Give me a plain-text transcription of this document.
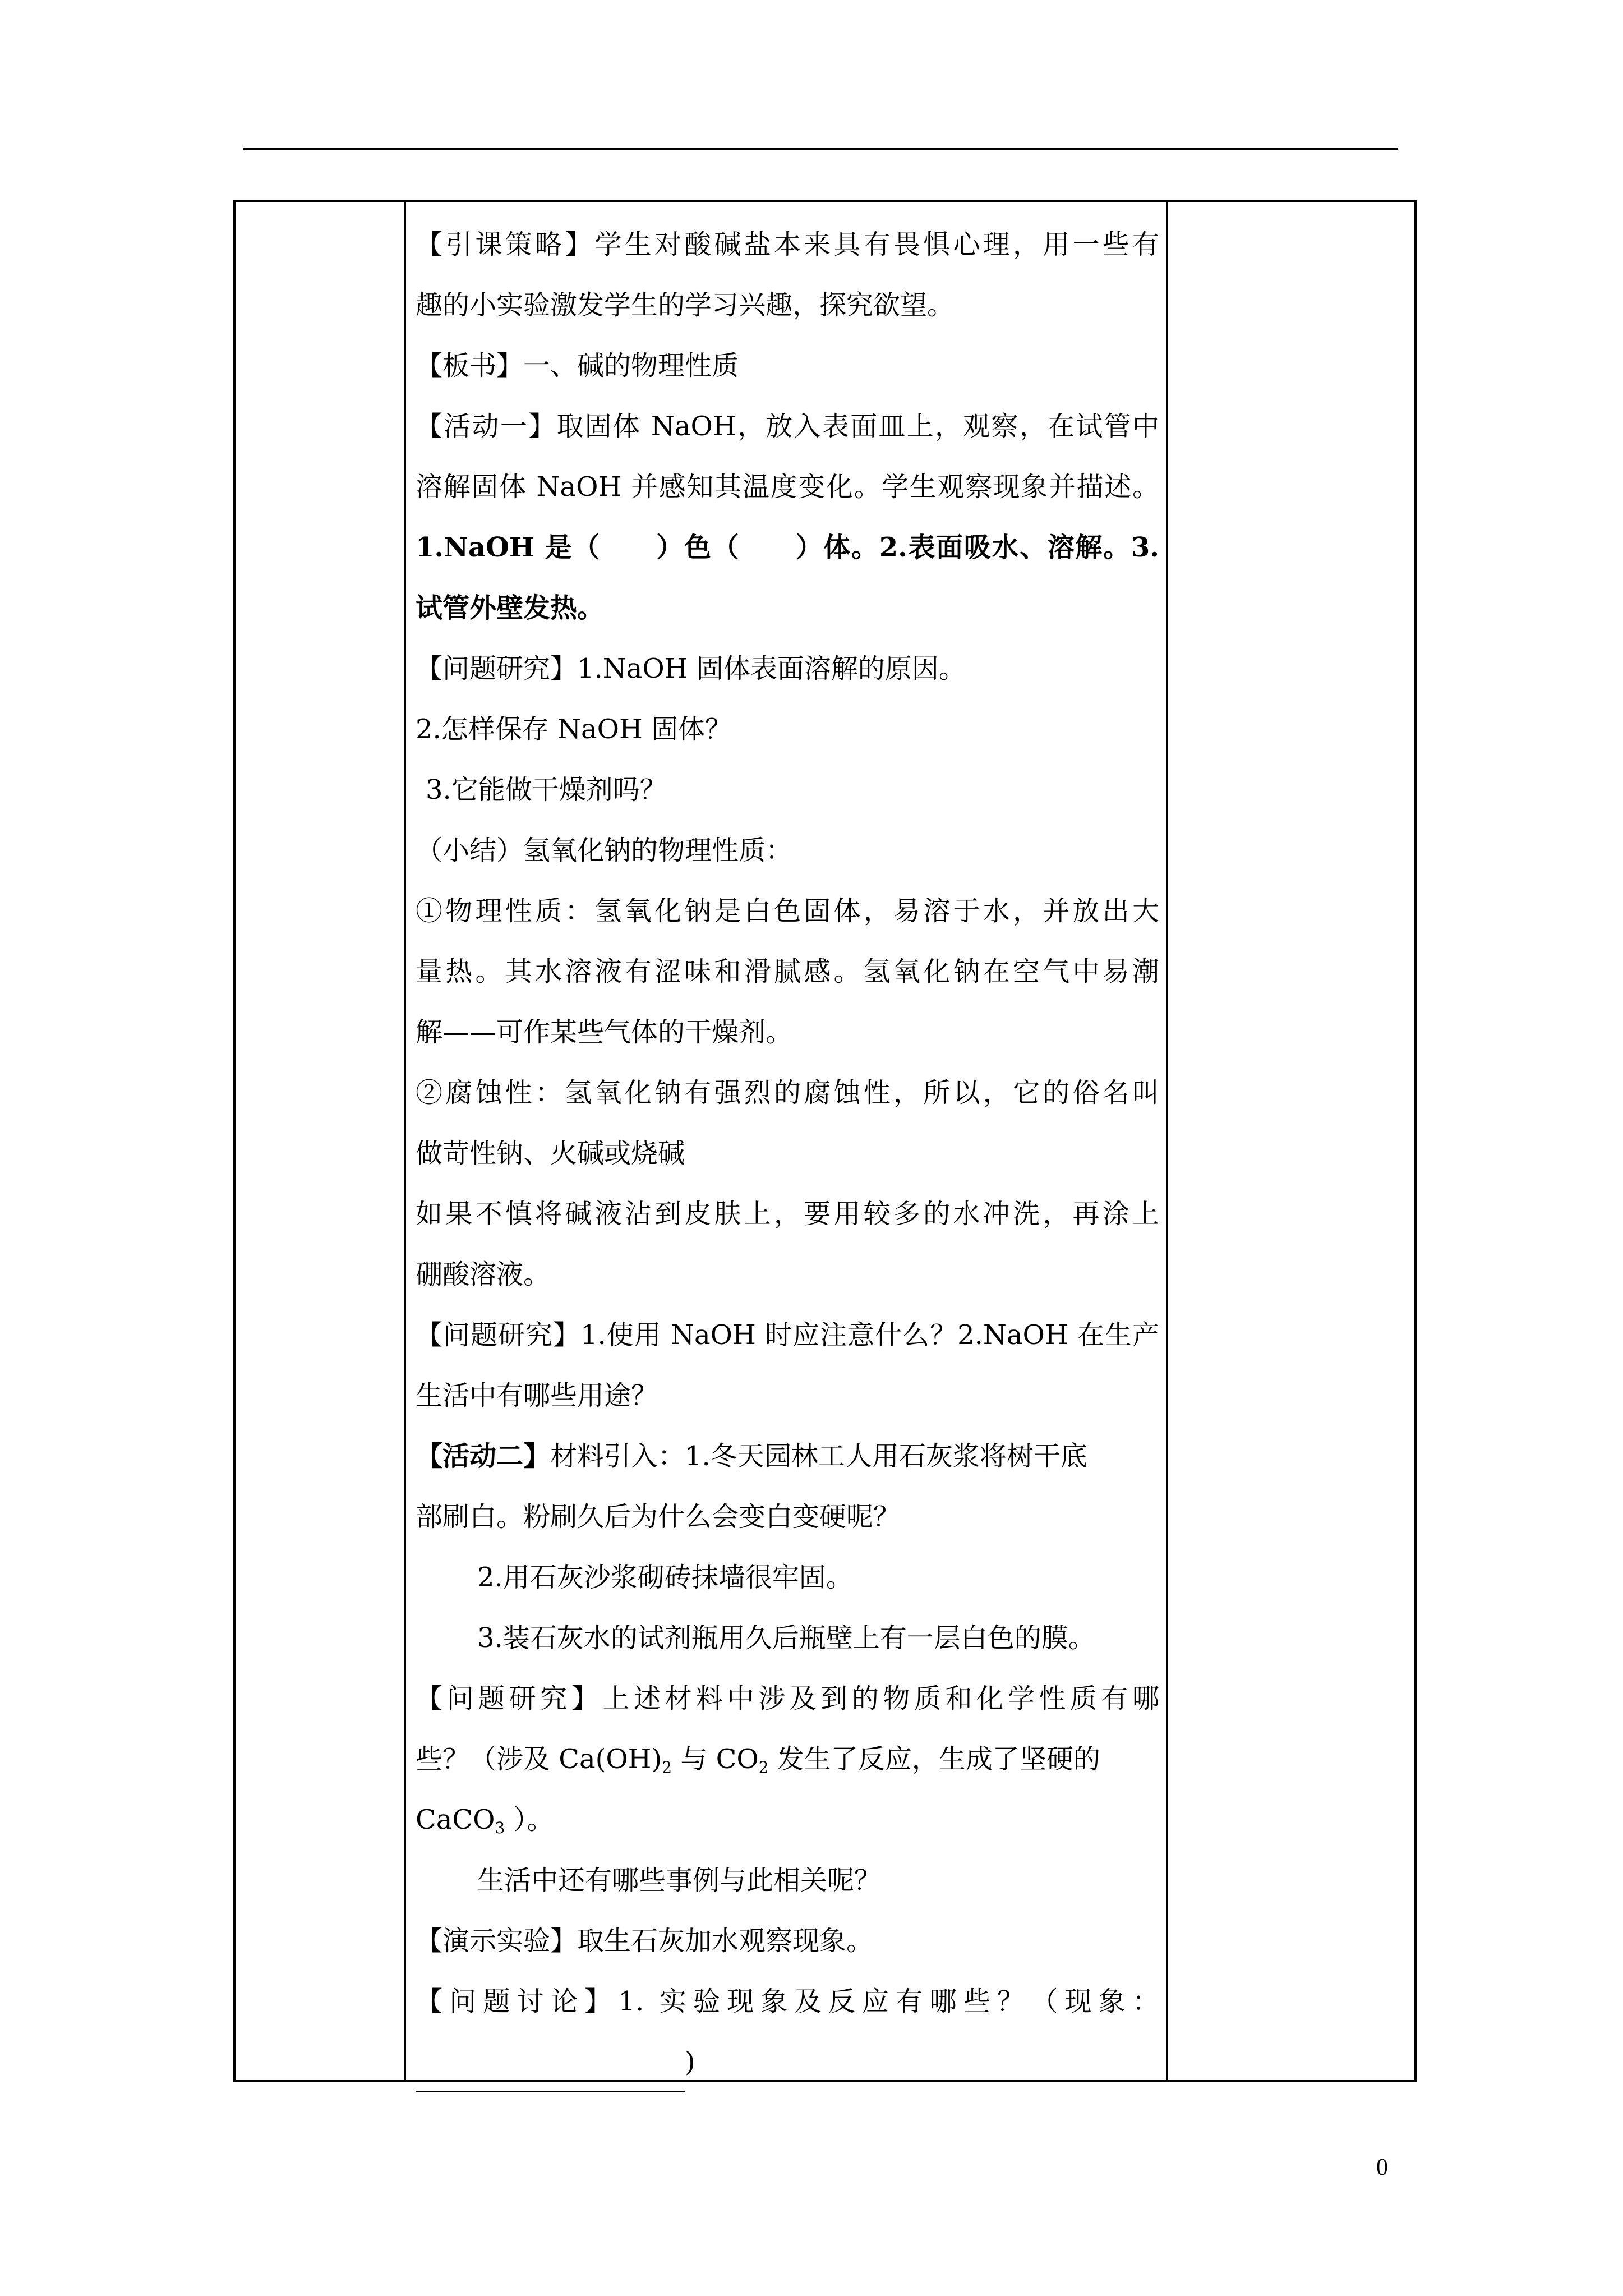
【引课策略】学生对酸碱盐本来具有畏惧心理，用一些有
趣的小实验激发学生的学习兴趣，探究欲望。
【板书】一、碱的物理性质
【活动一】取固体 NaOH，放入表面皿上，观察，在试管中
溶解固体 NaOH 并感知其温度变化。学生观察现象并描述。
1.NaOH 是（　　）色（　　）体。2.表面吸水、溶解。3.
试管外壁发热。
【问题研究】1.NaOH 固体表面溶解的原因。
2.怎样保存 NaOH 固体？
3.它能做干燥剂吗？
（小结）氢氧化钠的物理性质：
①物理性质：氢氧化钠是白色固体，易溶于水，并放出大
量热。其水溶液有涩味和滑腻感。氢氧化钠在空气中易潮
解——可作某些气体的干燥剂。
②腐蚀性：氢氧化钠有强烈的腐蚀性，所以，它的俗名叫
做苛性钠、火碱或烧碱
如果不慎将碱液沾到皮肤上，要用较多的水冲洗，再涂上
硼酸溶液。
【问题研究】1.使用 NaOH 时应注意什么？2.NaOH 在生产
生活中有哪些用途？
【活动二】材料引入：1.冬天园林工人用石灰浆将树干底
部刷白。粉刷久后为什么会变白变硬呢？
2.用石灰沙浆砌砖抹墙很牢固。
3.装石灰水的试剂瓶用久后瓶壁上有一层白色的膜。
【问题研究】上述材料中涉及到的物质和化学性质有哪
些？（涉及 $Ca(OH)_2$ 与 $CO_2$ 发生了反应，生成了坚硬的
CaCO$_3$ ）。
生活中还有哪些事例与此相关呢？
【演示实验】取生石灰加水观察现象。
【问题讨论】1. 实验现象及反应有哪些？（现象：
)
0
